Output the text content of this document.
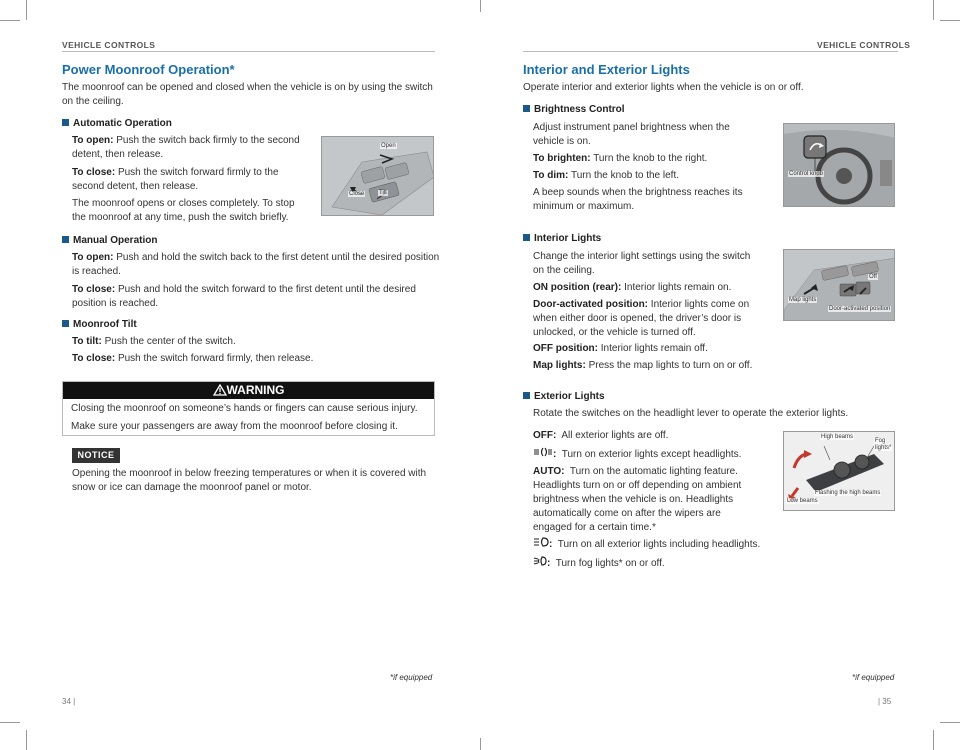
VEHICLE CONTROLS
Power Moonroof Operation*
The moonroof can be opened and closed when the vehicle is on by using the switch
on the ceiling.
Automatic Operation
To open: Push the switch back firmly to the second
detent, then release.
To close: Push the switch forward firmly to the
second detent, then release.
The moonroof opens or closes completely. To stop
the moonroof at any time, push the switch briefly.
Open
Close Tilt
Manual Operation
To open: Push and hold the switch back to the first detent until the desired position
is reached.
To close: Push and hold the switch forward to the first detent until the desired
position is reached.
Moonroof Tilt
To tilt: Push the center of the switch.
To close: Push the switch forward firmly, then release.
WARNING
Closing the moonroof on someone’s hands or fingers can cause serious injury.
Make sure your passengers are away from the moonroof before closing it.
NOTICE
Opening the moonroof in below freezing temperatures or when it is covered with
snow or ice can damage the moonroof panel or motor.
*if equipped
34 |
VEHICLE CONTROLS
Interior and Exterior Lights
Operate interior and exterior lights when the vehicle is on or off.
Brightness Control
Adjust instrument panel brightness when the
vehicle is on.
To brighten: Turn the knob to the right.
To dim: Turn the knob to the left.
A beep sounds when the brightness reaches its
minimum or maximum.
Control knob
Interior Lights
Change the interior light settings using the switch
on the ceiling.
ON position (rear): Interior lights remain on.
Door-activated position: Interior lights come on
when either door is opened, the driver’s door is
unlocked, or the vehicle is turned off.
OFF position: Interior lights remain off.
Map lights: Press the map lights to turn on or off.
Off
Map lights
Door-activated position
Exterior Lights
Rotate the switches on the headlight lever to operate the exterior lights.
OFF: All exterior lights are off.
: Turn on exterior lights except headlights.
AUTO: Turn on the automatic lighting feature.
Headlights turn on or off depending on ambient
brightness when the vehicle is on. Headlights
automatically come on after the wipers are
engaged for a certain time.*
: Turn on all exterior lights including headlights.
: Turn fog lights* on or off.
High beams
Fog
lights*
Flashing the high beams
Low beams
*if equipped
| 35
